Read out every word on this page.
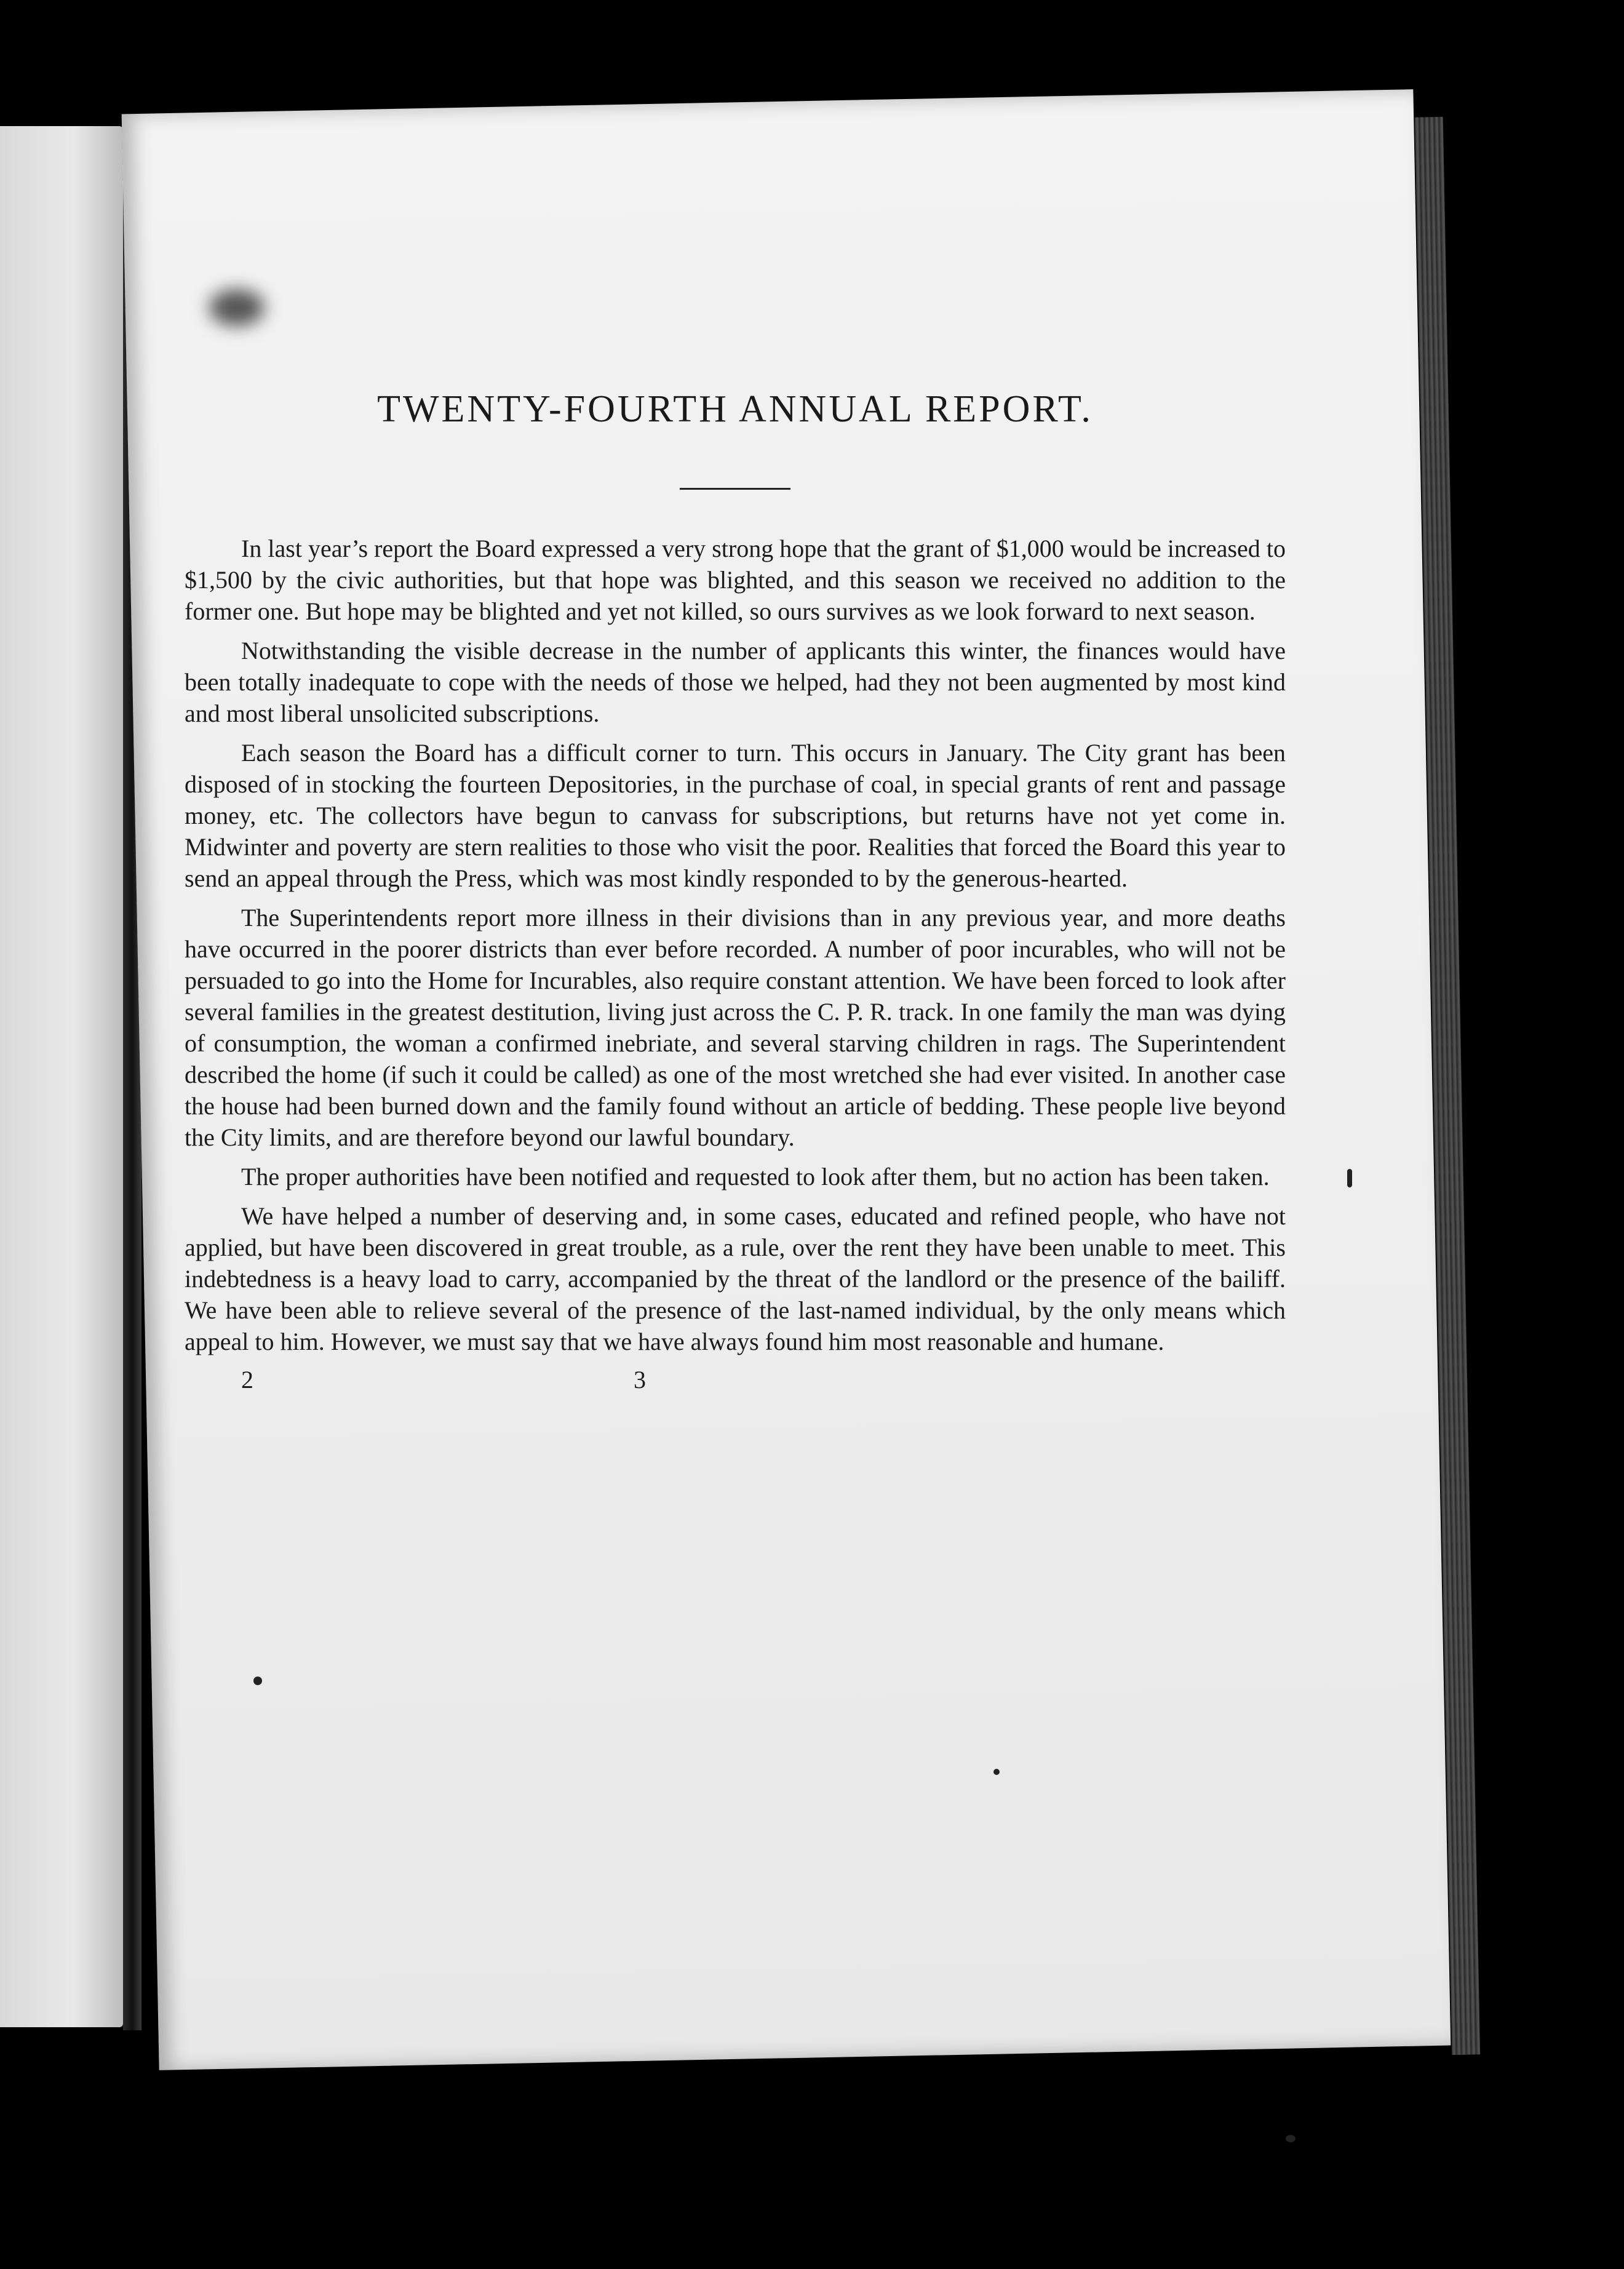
TWENTY-FOURTH ANNUAL REPORT.

In last year’s report the Board expressed a very strong hope that the grant of $1,000 would be increased to $1,500 by the civic authorities, but that hope was blighted, and this season we received no addition to the former one. But hope may be blighted and yet not killed, so ours survives as we look forward to next season.

Notwithstanding the visible decrease in the number of applicants this winter, the finances would have been totally inadequate to cope with the needs of those we helped, had they not been augmented by most kind and most liberal unsolicited subscriptions.

Each season the Board has a difficult corner to turn. This occurs in January. The City grant has been disposed of in stocking the fourteen Depositories, in the purchase of coal, in special grants of rent and passage money, etc. The collectors have begun to canvass for subscriptions, but returns have not yet come in. Midwinter and poverty are stern realities to those who visit the poor. Realities that forced the Board this year to send an appeal through the Press, which was most kindly responded to by the generous-hearted.

The Superintendents report more illness in their divisions than in any previous year, and more deaths have occurred in the poorer districts than ever before recorded. A number of poor incurables, who will not be persuaded to go into the Home for Incurables, also require constant attention. We have been forced to look after several families in the greatest destitution, living just across the C. P. R. track. In one family the man was dying of consumption, the woman a confirmed inebriate, and several starving children in rags. The Superintendent described the home (if such it could be called) as one of the most wretched she had ever visited. In another case the house had been burned down and the family found without an article of bedding. These people live beyond the City limits, and are therefore beyond our lawful boundary.

The proper authorities have been notified and requested to look after them, but no action has been taken.

We have helped a number of deserving and, in some cases, educated and refined people, who have not applied, but have been discovered in great trouble, as a rule, over the rent they have been unable to meet. This indebtedness is a heavy load to carry, accompanied by the threat of the landlord or the presence of the bailiff. We have been able to relieve several of the presence of the last-named individual, by the only means which appeal to him. However, we must say that we have always found him most reasonable and humane.

2	3
